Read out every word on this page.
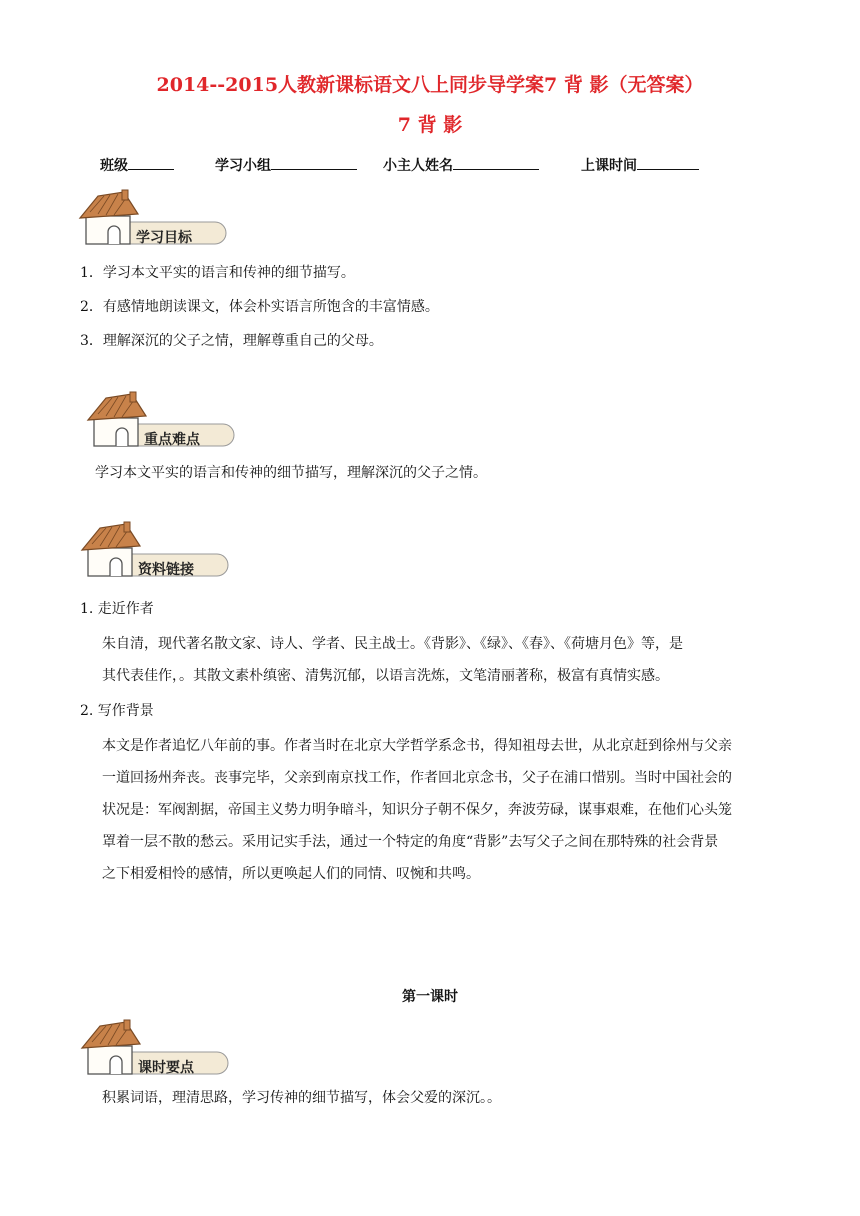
2014--2015人教新课标语文八上同步导学案7 背 影（无答案）
7 背 影
班级	学习小组	小主人姓名	上课时间
学习目标
1．学习本文平实的语言和传神的细节描写。
2．有感情地朗读课文，体会朴实语言所饱含的丰富情感。
3．理解深沉的父子之情，理解尊重自己的父母。
重点难点
学习本文平实的语言和传神的细节描写，理解深沉的父子之情。
资料链接
1. 走近作者
朱自清，现代著名散文家、诗人、学者、民主战士。《背影》、《绿》、《春》、《荷塘月色》等，是
其代表佳作，。其散文素朴缜密、清隽沉郁，以语言洗炼，文笔清丽著称，极富有真情实感。
2. 写作背景
本文是作者追忆八年前的事。作者当时在北京大学哲学系念书，得知祖母去世，从北京赶到徐州与父亲
一道回扬州奔丧。丧事完毕，父亲到南京找工作，作者回北京念书，父子在浦口惜别。当时中国社会的
状况是：军阀割据，帝国主义势力明争暗斗，知识分子朝不保夕，奔波劳碌，谋事艰难，在他们心头笼
罩着一层不散的愁云。采用记实手法，通过一个特定的角度“背影”去写父子之间在那特殊的社会背景
之下相爱相怜的感情，所以更唤起人们的同情、叹惋和共鸣。
第一课时
课时要点
积累词语，理清思路，学习传神的细节描写，体会父爱的深沉。。
